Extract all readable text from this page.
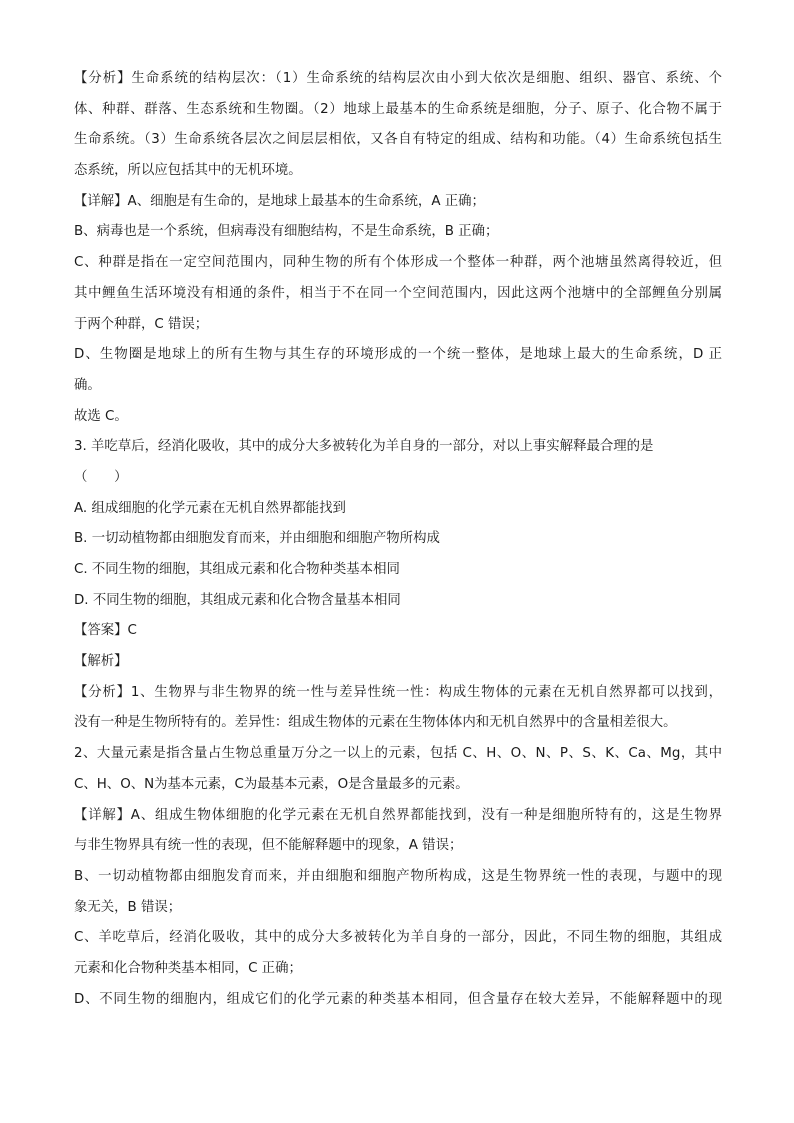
【分析】生命系统的结构层次：（1）生命系统的结构层次由小到大依次是细胞、组织、器官、系统、个
体、种群、群落、生态系统和生物圈。（2）地球上最基本的生命系统是细胞，分子、原子、化合物不属于
生命系统。（3）生命系统各层次之间层层相依，又各自有特定的组成、结构和功能。（4）生命系统包括生
态系统，所以应包括其中的无机环境。
【详解】A、细胞是有生命的，是地球上最基本的生命系统，A 正确；
B、病毒也是一个系统，但病毒没有细胞结构，不是生命系统，B 正确；
C、种群是指在一定空间范围内，同种生物的所有个体形成一个整体一种群，两个池塘虽然离得较近，但
其中鲤鱼生活环境没有相通的条件，相当于不在同一个空间范围内，因此这两个池塘中的全部鲤鱼分别属
于两个种群，C 错误；
D、生物圈是地球上的所有生物与其生存的环境形成的一个统一整体，是地球上最大的生命系统，D 正
确。
故选 C。
3. 羊吃草后，经消化吸收，其中的成分大多被转化为羊自身的一部分，对以上事实解释最合理的是
（　　）
A. 组成细胞的化学元素在无机自然界都能找到
B. 一切动植物都由细胞发育而来，并由细胞和细胞产物所构成
C. 不同生物的细胞，其组成元素和化合物种类基本相同
D. 不同生物的细胞，其组成元素和化合物含量基本相同
【答案】C
【解析】
【分析】1、生物界与非生物界的统一性与差异性统一性：构成生物体的元素在无机自然界都可以找到，
没有一种是生物所特有的。差异性：组成生物体的元素在生物体体内和无机自然界中的含量相差很大。
2、大量元素是指含量占生物总重量万分之一以上的元素，包括 C、H、O、N、P、S、K、Ca、Mg，其中
C、H、O、N为基本元素，C为最基本元素，O是含量最多的元素。
【详解】A、组成生物体细胞的化学元素在无机自然界都能找到，没有一种是细胞所特有的，这是生物界
与非生物界具有统一性的表现，但不能解释题中的现象，A 错误；
B、一切动植物都由细胞发育而来，并由细胞和细胞产物所构成，这是生物界统一性的表现，与题中的现
象无关，B 错误；
C、羊吃草后，经消化吸收，其中的成分大多被转化为羊自身的一部分，因此，不同生物的细胞，其组成
元素和化合物种类基本相同，C 正确；
D、不同生物的细胞内，组成它们的化学元素的种类基本相同，但含量存在较大差异，不能解释题中的现
